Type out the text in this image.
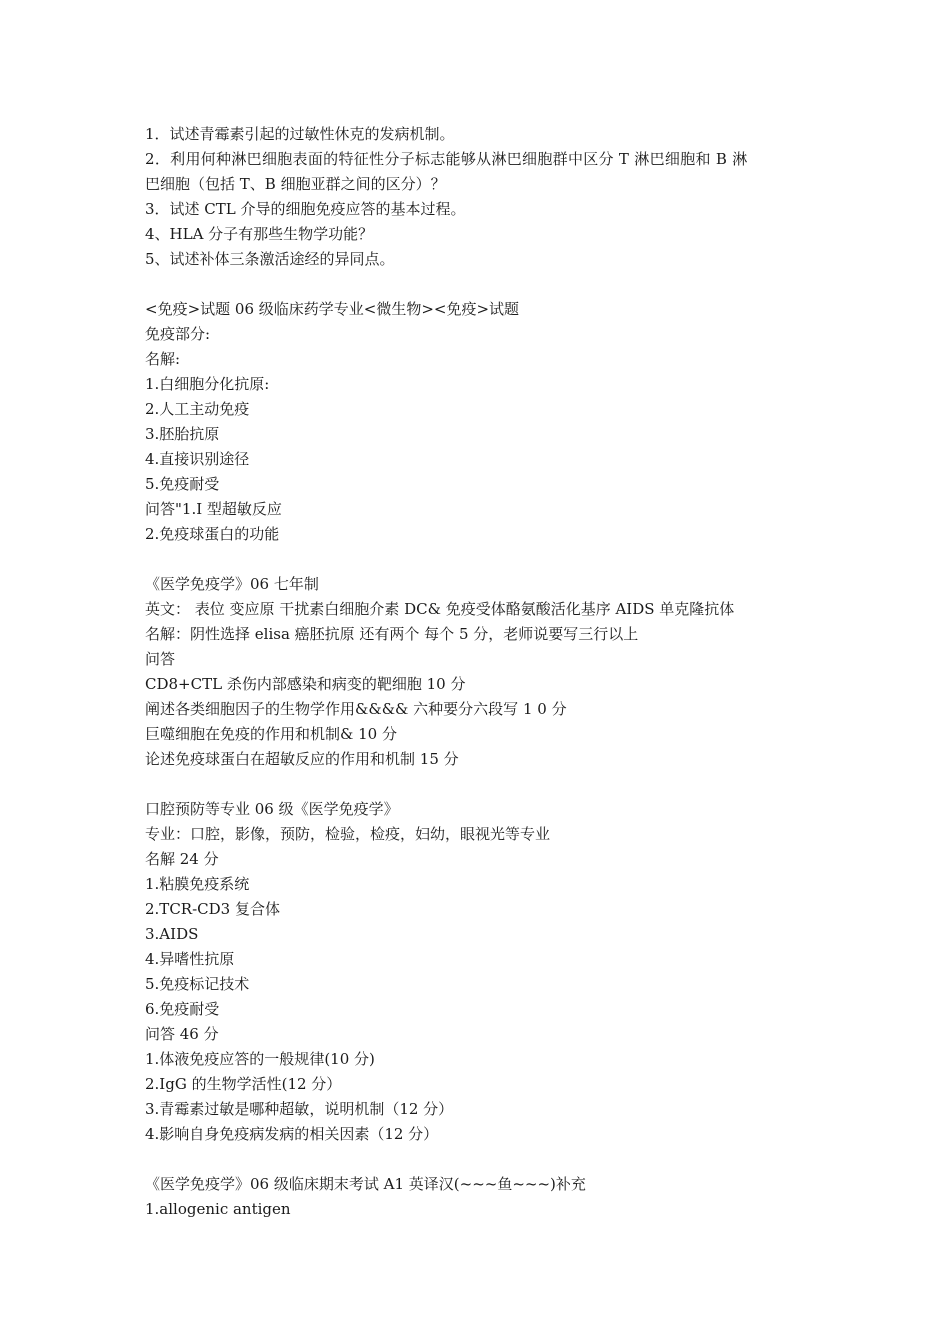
1．试述青霉素引起的过敏性休克的发病机制。
2．利用何种淋巴细胞表面的特征性分子标志能够从淋巴细胞群中区分 T 淋巴细胞和 B 淋
巴细胞（包括 T、B 细胞亚群之间的区分）？
3．试述 CTL 介导的细胞免疫应答的基本过程。
4、HLA 分子有那些生物学功能？
5、试述补体三条激活途经的异同点。
<免疫>试题 06 级临床药学专业<微生物><免疫>试题
免疫部分:
名解:
1.白细胞分化抗原:
2.人工主动免疫
3.胚胎抗原
4.直接识别途径
5.免疫耐受
问答"1.I 型超敏反应
2.免疫球蛋白的功能
《医学免疫学》06 七年制
英文： 表位 变应原 干扰素白细胞介素 DC& 免疫受体酪氨酸活化基序 AIDS 单克隆抗体
名解：阴性选择 elisa 癌胚抗原 还有两个 每个 5 分，老师说要写三行以上
问答
CD8+CTL 杀伤内部感染和病变的靶细胞 10 分
阐述各类细胞因子的生物学作用&&&& 六种要分六段写 1 0 分
巨噬细胞在免疫的作用和机制& 10 分
论述免疫球蛋白在超敏反应的作用和机制 15 分
口腔预防等专业 06 级《医学免疫学》
专业：口腔，影像，预防，检验，检疫，妇幼，眼视光等专业
名解 24 分
1.粘膜免疫系统
2.TCR-CD3 复合体
3.AIDS
4.异嗜性抗原
5.免疫标记技术
6.免疫耐受
问答 46 分
1.体液免疫应答的一般规律(10 分)
2.IgG 的生物学活性(12 分）
3.青霉素过敏是哪种超敏，说明机制（12 分）
4.影响自身免疫病发病的相关因素（12 分）
《医学免疫学》06 级临床期末考试 A1 英译汉(~~~鱼~~~)补充
1.allogenic antigen
